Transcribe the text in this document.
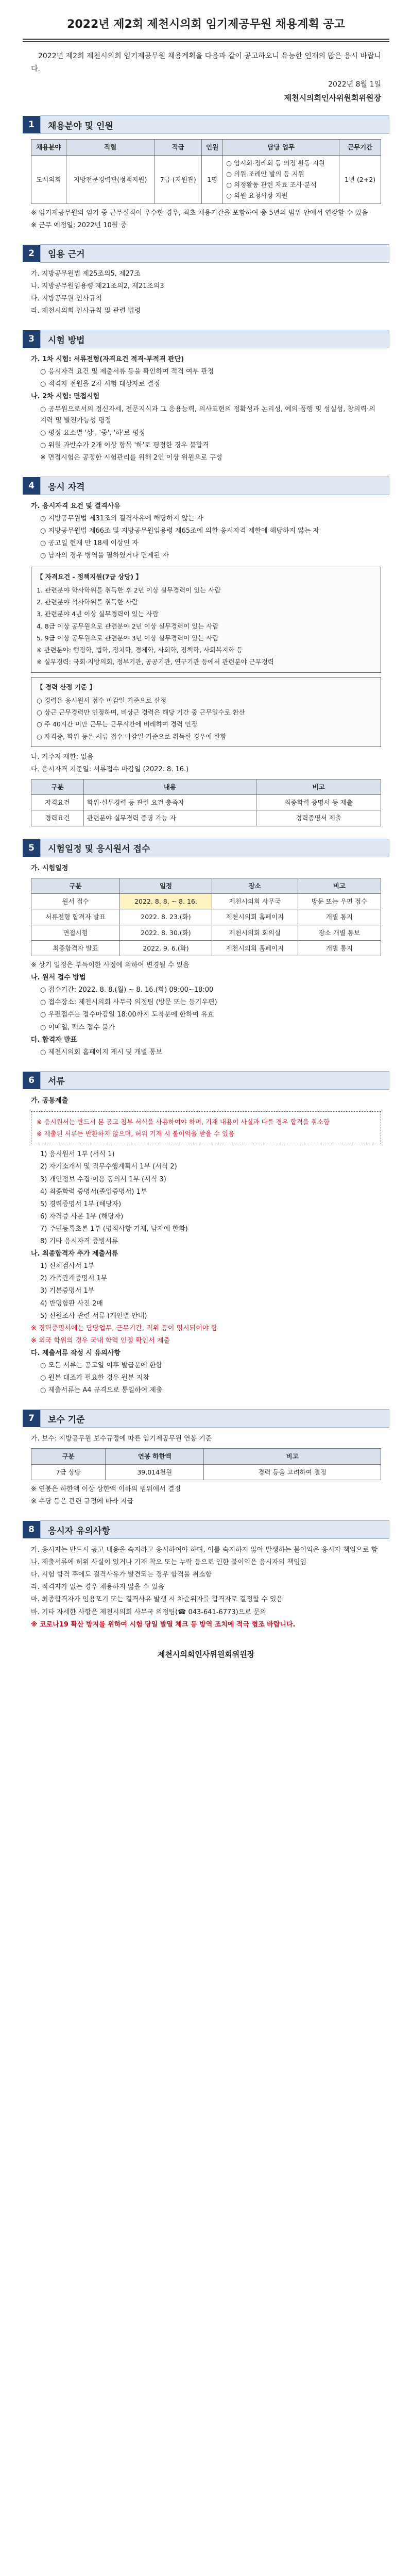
2022년 제2회 제천시의회 임기제공무원 채용계획 공고
2022년 제2회 제천시의회 임기제공무원 채용계획을 다음과 같이 공고하오니 유능한 인재의 많은 응시 바랍니다.
2022년 8월 1일
제천시의회인사위원회위원장
1	채용분야 및 인원
채용분야	직렬	직급	인원	담당 업무	근무기간
도시의회	지방전문경력관(정책지원)	7급 (지원관)	1명	○ 임시회·정례회 등 의정 활동 지원
○ 의원 조례안 발의 등 지원
○ 의정활동 관련 자료 조사·분석
○ 의원 요청사항 지원	1년 (2+2)
※ 임기제공무원의 임기 중 근무실적이 우수한 경우, 최초 채용기간을 포함하여 총 5년의 범위 안에서 연장할 수 있음
※ 근무 예정일: 2022년 10월 중
2	임용 근거
가. 지방공무원법 제25조의5, 제27조
나. 지방공무원임용령 제21조의2, 제21조의3
다. 지방공무원 인사규칙
라. 제천시의회 인사규칙 및 관련 법령
3	시험 방법
가. 1차 시험: 서류전형(자격요건 적격·부적격 판단)
○ 응시자격 요건 및 제출서류 등을 확인하여 적격 여부 판정
○ 적격자 전원을 2차 시험 대상자로 결정
나. 2차 시험: 면접시험
○ 공무원으로서의 정신자세, 전문지식과 그 응용능력, 의사표현의 정확성과 논리성, 예의·품행 및 성실성, 창의력·의지력 및 발전가능성 평정
○ 평정 요소별 '상', '중', '하'로 평정
○ 위원 과반수가 2개 이상 항목 '하'로 평정한 경우 불합격
※ 면접시험은 공정한 시험관리를 위해 2인 이상 위원으로 구성
4	응시 자격
가. 응시자격 요건 및 결격사유
○ 지방공무원법 제31조의 결격사유에 해당하지 않는 자
○ 지방공무원법 제66조 및 지방공무원임용령 제65조에 의한 응시자격 제한에 해당하지 않는 자
○ 공고일 현재 만 18세 이상인 자
○ 남자의 경우 병역을 필하였거나 면제된 자
【 자격요건 - 정책지원(7급 상당) 】
1. 관련분야 학사학위를 취득한 후 2년 이상 실무경력이 있는 사람
2. 관련분야 석사학위를 취득한 사람
3. 관련분야 4년 이상 실무경력이 있는 사람
4. 8급 이상 공무원으로 관련분야 2년 이상 실무경력이 있는 사람
5. 9급 이상 공무원으로 관련분야 3년 이상 실무경력이 있는 사람
※ 관련분야: 행정학, 법학, 정치학, 경제학, 사회학, 정책학, 사회복지학 등
※ 실무경력: 국회·지방의회, 정부기관, 공공기관, 연구기관 등에서 관련분야 근무경력
【 경력 산정 기준 】
○ 경력은 응시원서 접수 마감일 기준으로 산정
○ 상근 근무경력만 인정하며, 비상근 경력은 해당 기간 중 근무일수로 환산
○ 주 40시간 미만 근무는 근무시간에 비례하여 경력 인정
○ 자격증, 학위 등은 서류 접수 마감일 기준으로 취득한 경우에 한함
나. 거주지 제한: 없음
다. 응시자격 기준일: 서류접수 마감일 (2022. 8. 16.)
구분	내용	비고
자격요건	학위·실무경력 등 관련 요건 충족자	최종학력 증명서 등 제출
경력요건	관련분야 실무경력 증명 가능 자	경력증명서 제출
5	시험일정 및 응시원서 접수
가. 시험일정
구분	일정	장소	비고
원서 접수	2022. 8. 8. ~ 8. 16.	제천시의회 사무국	방문 또는 우편 접수
서류전형 합격자 발표	2022. 8. 23.(화)	제천시의회 홈페이지	개별 통지
면접시험	2022. 8. 30.(화)	제천시의회 회의실	장소 개별 통보
최종합격자 발표	2022. 9. 6.(화)	제천시의회 홈페이지	개별 통지
※ 상기 일정은 부득이한 사정에 의하여 변경될 수 있음
나. 원서 접수 방법
○ 접수기간: 2022. 8. 8.(월) ~ 8. 16.(화) 09:00~18:00
○ 접수장소: 제천시의회 사무국 의정팀 (방문 또는 등기우편)
○ 우편접수는 접수마감일 18:00까지 도착분에 한하여 유효
○ 이메일, 팩스 접수 불가
다. 합격자 발표
○ 제천시의회 홈페이지 게시 및 개별 통보
6	서류
가. 공통제출
※ 응시원서는 반드시 본 공고 첨부 서식을 사용하여야 하며, 기재 내용이 사실과 다를 경우 합격을 취소함
※ 제출된 서류는 반환하지 않으며, 허위 기재 시 불이익을 받을 수 있음
1) 응시원서 1부 (서식 1)
2) 자기소개서 및 직무수행계획서 1부 (서식 2)
3) 개인정보 수집·이용 동의서 1부 (서식 3)
4) 최종학력 증명서(졸업증명서) 1부
5) 경력증명서 1부 (해당자)
6) 자격증 사본 1부 (해당자)
7) 주민등록초본 1부 (병적사항 기재, 남자에 한함)
8) 기타 응시자격 증빙서류
나. 최종합격자 추가 제출서류
1) 신체검사서 1부
2) 가족관계증명서 1부
3) 기본증명서 1부
4) 반명함판 사진 2매
5) 신원조사 관련 서류 (개인별 안내)
※ 경력증명서에는 담당업무, 근무기간, 직위 등이 명시되어야 함
※ 외국 학위의 경우 국내 학력 인정 확인서 제출
다. 제출서류 작성 시 유의사항
○ 모든 서류는 공고일 이후 발급분에 한함
○ 원본 대조가 필요한 경우 원본 지참
○ 제출서류는 A4 규격으로 통일하여 제출
7	보수 기준
가. 보수: 지방공무원 보수규정에 따른 임기제공무원 연봉 기준
구분	연봉 하한액	비고
7급 상당	39,014천원	경력 등을 고려하여 결정
※ 연봉은 하한액 이상 상한액 이하의 범위에서 결정
※ 수당 등은 관련 규정에 따라 지급
8	응시자 유의사항
가. 응시자는 반드시 공고 내용을 숙지하고 응시하여야 하며, 이를 숙지하지 않아 발생하는 불이익은 응시자 책임으로 함
나. 제출서류에 허위 사실이 있거나 기재 착오 또는 누락 등으로 인한 불이익은 응시자의 책임임
다. 시험 합격 후에도 결격사유가 발견되는 경우 합격을 취소함
라. 적격자가 없는 경우 채용하지 않을 수 있음
마. 최종합격자가 임용포기 또는 결격사유 발생 시 차순위자를 합격자로 결정할 수 있음
바. 기타 자세한 사항은 제천시의회 사무국 의정팀(☎ 043-641-6773)으로 문의
※ 코로나19 확산 방지를 위하여 시험 당일 발열 체크 등 방역 조치에 적극 협조 바랍니다.
제천시의회인사위원회위원장
